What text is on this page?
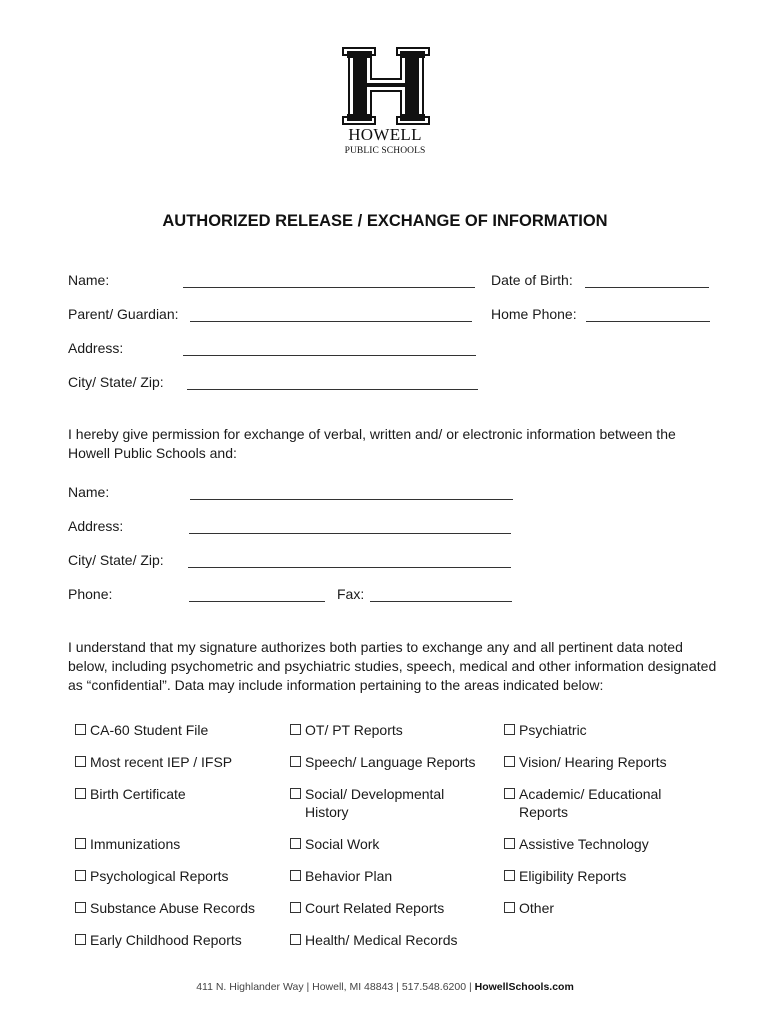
HOWELL
PUBLIC SCHOOLS
AUTHORIZED RELEASE / EXCHANGE OF INFORMATION
Name:	Date of Birth:
Parent/ Guardian:	Home Phone:
Address:
City/ State/ Zip:
I hereby give permission for exchange of verbal, written and/ or electronic information between the Howell Public Schools and:
Name:
Address:
City/ State/ Zip:
Phone:	Fax:
I understand that my signature authorizes both parties to exchange any and all pertinent data noted below, including psychometric and psychiatric studies, speech, medical and other information designated as “confidential”. Data may include information pertaining to the areas indicated below:
CA-60 Student File
Most recent IEP / IFSP
Birth Certificate
Immunizations
Psychological Reports
Substance Abuse Records
Early Childhood Reports
OT/ PT Reports
Speech/ Language Reports
Social/ Developmental History
Social Work
Behavior Plan
Court Related Reports
Health/ Medical Records
Psychiatric
Vision/ Hearing Reports
Academic/ Educational Reports
Assistive Technology
Eligibility Reports
Other
411 N. Highlander Way | Howell, MI 48843 | 517.548.6200 | HowellSchools.com
